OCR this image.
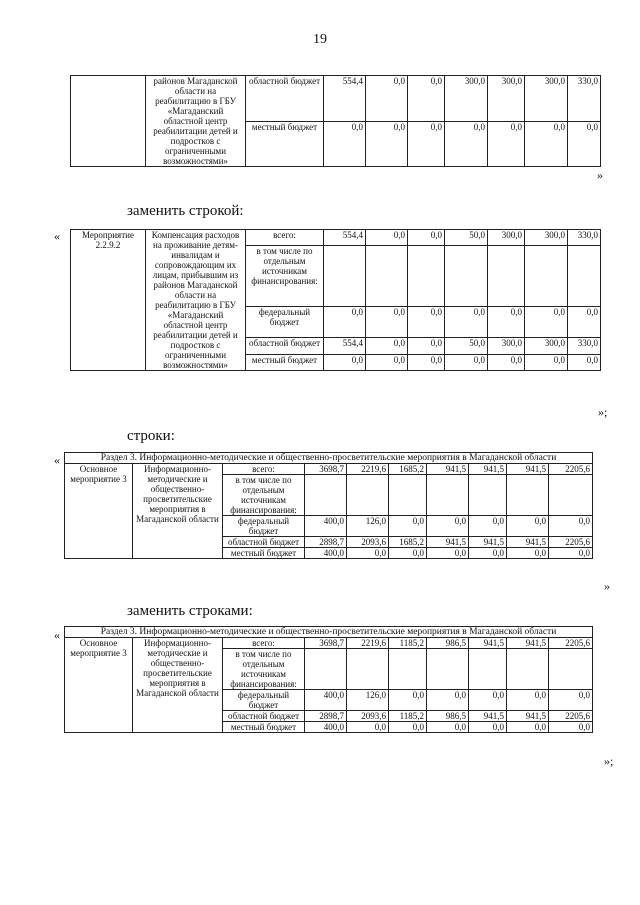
19
	районов Магаданской области на реабилитацию в ГБУ «Магаданский областной центр реабилитации детей и подростков с ограниченными возможностями»	областной бюджет	554,4	0,0	0,0	300,0	300,0	300,0	330,0
		местный бюджет	0,0	0,0	0,0	0,0	0,0	0,0	0,0
»
заменить строкой:
« Мероприятие 2.2.9.2	Компенсация расходов на проживание детям-инвалидам и сопровождающим их лицам, прибывшим из районов Магаданской области на реабилитацию в ГБУ «Магаданский областной центр реабилитации детей и подростков с ограниченными возможностями»	всего:	554,4	0,0	0,0	50,0	300,0	300,0	330,0
		в том числе по отдельным источникам финансирования:							
		федеральный бюджет	0,0	0,0	0,0	0,0	0,0	0,0	0,0
		областной бюджет	554,4	0,0	0,0	50,0	300,0	300,0	330,0
		местный бюджет	0,0	0,0	0,0	0,0	0,0	0,0	0,0
»;
строки:
«	Раздел 3. Информационно-методические и общественно-просветительские мероприятия в Магаданской области									
Основное мероприятие 3	Информационно-методические и общественно-просветительские мероприятия в Магаданской области	всего:	3698,7	2219,6	1685,2	941,5	941,5	941,5	2205,6
		в том числе по отдельным источникам финансирования:							
		федеральный бюджет	400,0	126,0	0,0	0,0	0,0	0,0	0,0
		областной бюджет	2898,7	2093,6	1685,2	941,5	941,5	941,5	2205,6
		местный бюджет	400,0	0,0	0,0	0,0	0,0	0,0	0,0
»
заменить строками:
«	Раздел 3. Информационно-методические и общественно-просветительские мероприятия в Магаданской области									
Основное мероприятие 3	Информационно-методические и общественно-просветительские мероприятия в Магаданской области	всего:	3698,7	2219,6	1185,2	986,5	941,5	941,5	2205,6
		в том числе по отдельным источникам финансирования:							
		федеральный бюджет	400,0	126,0	0,0	0,0	0,0	0,0	0,0
		областной бюджет	2898,7	2093,6	1185,2	986,5	941,5	941,5	2205,6
		местный бюджет	400,0	0,0	0,0	0,0	0,0	0,0	0,0
»;
